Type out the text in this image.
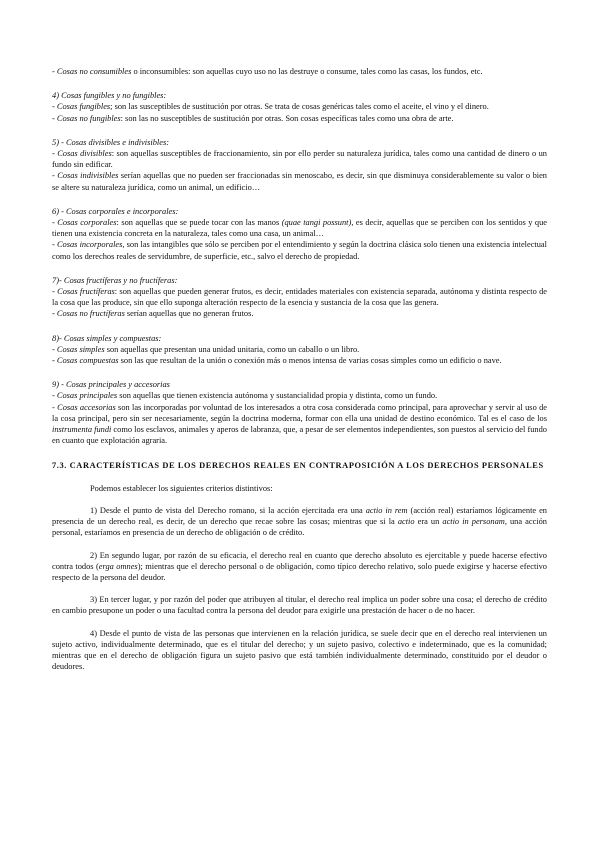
- Cosas no consumibles o inconsumibles: son aquellas cuyo uso no las destruye o consume, tales como las casas, los fundos, etc.

4) Cosas fungibles y no fungibles:

- Cosas fungibles; son las susceptibles de sustitución por otras. Se trata de cosas genéricas tales como el aceite, el vino y el dinero.

- Cosas no fungibles: son las no susceptibles de sustitución por otras. Son cosas específicas tales como una obra de arte.

5) - Cosas divisibles e indivisibles:

- Cosas divisibles: son aquellas susceptibles de fraccionamiento, sin por ello perder su naturaleza jurídica, tales como una cantidad de dinero o un fundo sin edificar.

- Cosas indivisibles serían aquellas que no pueden ser fraccionadas sin menoscabo, es decir, sin que disminuya considerablemente su valor o bien se altere su naturaleza jurídica, como un animal, un edificio…

6) - Cosas corporales e incorporales:

- Cosas corporales: son aquellas que se puede tocar con las manos (quae tangi possunt), es decir, aquellas que se perciben con los sentidos y que tienen una existencia concreta en la naturaleza, tales como una casa, un animal…

- Cosas incorporales, son las intangibles que sólo se perciben por el entendimiento y según la doctrina clásica solo tienen una existencia intelectual como los derechos reales de servidumbre, de superficie, etc., salvo el derecho de propiedad.

7)- Cosas fructíferas y no fructíferas:

- Cosas fructíferas: son aquellas que pueden generar frutos, es decir, entidades materiales con existencia separada, autónoma y distinta respecto de la cosa que las produce, sin que ello suponga alteración respecto de la esencia y sustancia de la cosa que las genera.

- Cosas no fructíferas serían aquellas que no generan frutos.

8)- Cosas simples y compuestas:

- Cosas simples son aquellas que presentan una unidad unitaria, como un caballo o un libro.

- Cosas compuestas son las que resultan de la unión o conexión más o menos intensa de varias cosas simples como un edificio o nave.

9) - Cosas principales y accesorias

- Cosas principales son aquellas que tienen existencia autónoma y sustancialidad propia y distinta, como un fundo.

- Cosas accesorias son las incorporadas por voluntad de los interesados a otra cosa considerada como principal, para aprovechar y servir al uso de la cosa principal, pero sin ser necesariamente, según la doctrina moderna, formar con ella una unidad de destino económico. Tal es el caso de los instrumenta fundi como los esclavos, animales y aperos de labranza, que, a pesar de ser elementos independientes, son puestos al servicio del fundo en cuanto que explotación agraria.

7.3. CARACTERÍSTICAS DE LOS DERECHOS REALES EN CONTRAPOSICIÓN A LOS DERECHOS PERSONALES

Podemos establecer los siguientes criterios distintivos:

1) Desde el punto de vista del Derecho romano, si la acción ejercitada era una actio in rem (acción real) estaríamos lógicamente en presencia de un derecho real, es decir, de un derecho que recae sobre las cosas; mientras que si la actio era un actio in personam, una acción personal, estaríamos en presencia de un derecho de obligación o de crédito.

2) En segundo lugar, por razón de su eficacia, el derecho real en cuanto que derecho absoluto es ejercitable y puede hacerse efectivo contra todos (erga omnes); mientras que el derecho personal o de obligación, como típico derecho relativo, solo puede exigirse y hacerse efectivo respecto de la persona del deudor.

3) En tercer lugar, y por razón del poder que atribuyen al titular, el derecho real implica un poder sobre una cosa; el derecho de crédito en cambio presupone un poder o una facultad contra la persona del deudor para exigirle una prestación de hacer o de no hacer.

4) Desde el punto de vista de las personas que intervienen en la relación jurídica, se suele decir que en el derecho real intervienen un sujeto activo, individualmente determinado, que es el titular del derecho; y un sujeto pasivo, colectivo e indeterminado, que es la comunidad; mientras que en el derecho de obligación figura un sujeto pasivo que está también individualmente determinado, constituido por el deudor o deudores.
